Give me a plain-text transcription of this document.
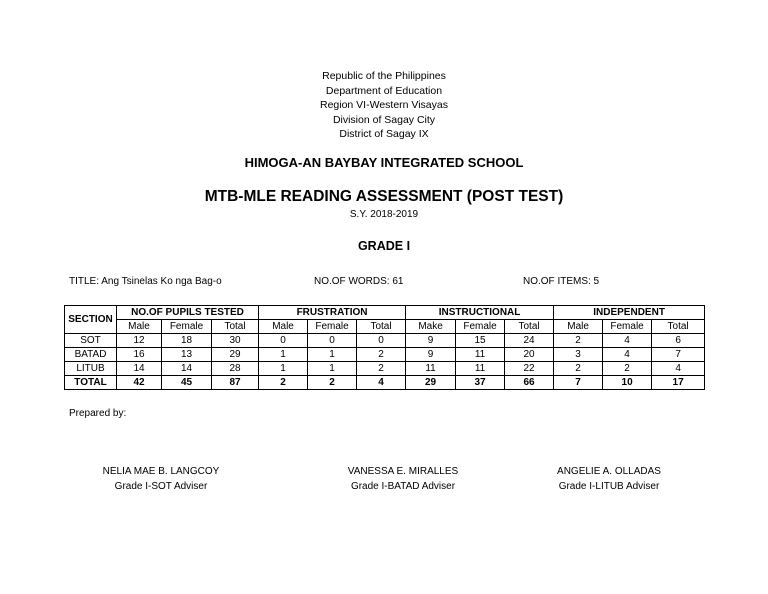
Republic of the Philippines
Department of Education
Region VI-Western Visayas
Division of Sagay City
District of Sagay IX
HIMOGA-AN BAYBAY INTEGRATED SCHOOL
MTB-MLE READING ASSESSMENT (POST TEST)
S.Y. 2018-2019
GRADE I
TITLE: Ang Tsinelas Ko nga Bag-o	NO.OF WORDS: 61	NO.OF ITEMS: 5
SECTION	NO.OF PUPILS TESTED			FRUSTRATION			INSTRUCTIONAL			INDEPENDENT		
	Male	Female	Total	Male	Female	Total	Make	Female	Total	Male	Female	Total
SOT	12	18	30	0	0	0	9	15	24	2	4	6
BATAD	16	13	29	1	1	2	9	11	20	3	4	7
LITUB	14	14	28	1	1	2	11	11	22	2	2	4
TOTAL	42	45	87	2	2	4	29	37	66	7	10	17
Prepared by:
NELIA MAE B. LANGCOY
Grade I-SOT Adviser
VANESSA E. MIRALLES
Grade I-BATAD Adviser
ANGELIE A. OLLADAS
Grade I-LITUB Adviser
